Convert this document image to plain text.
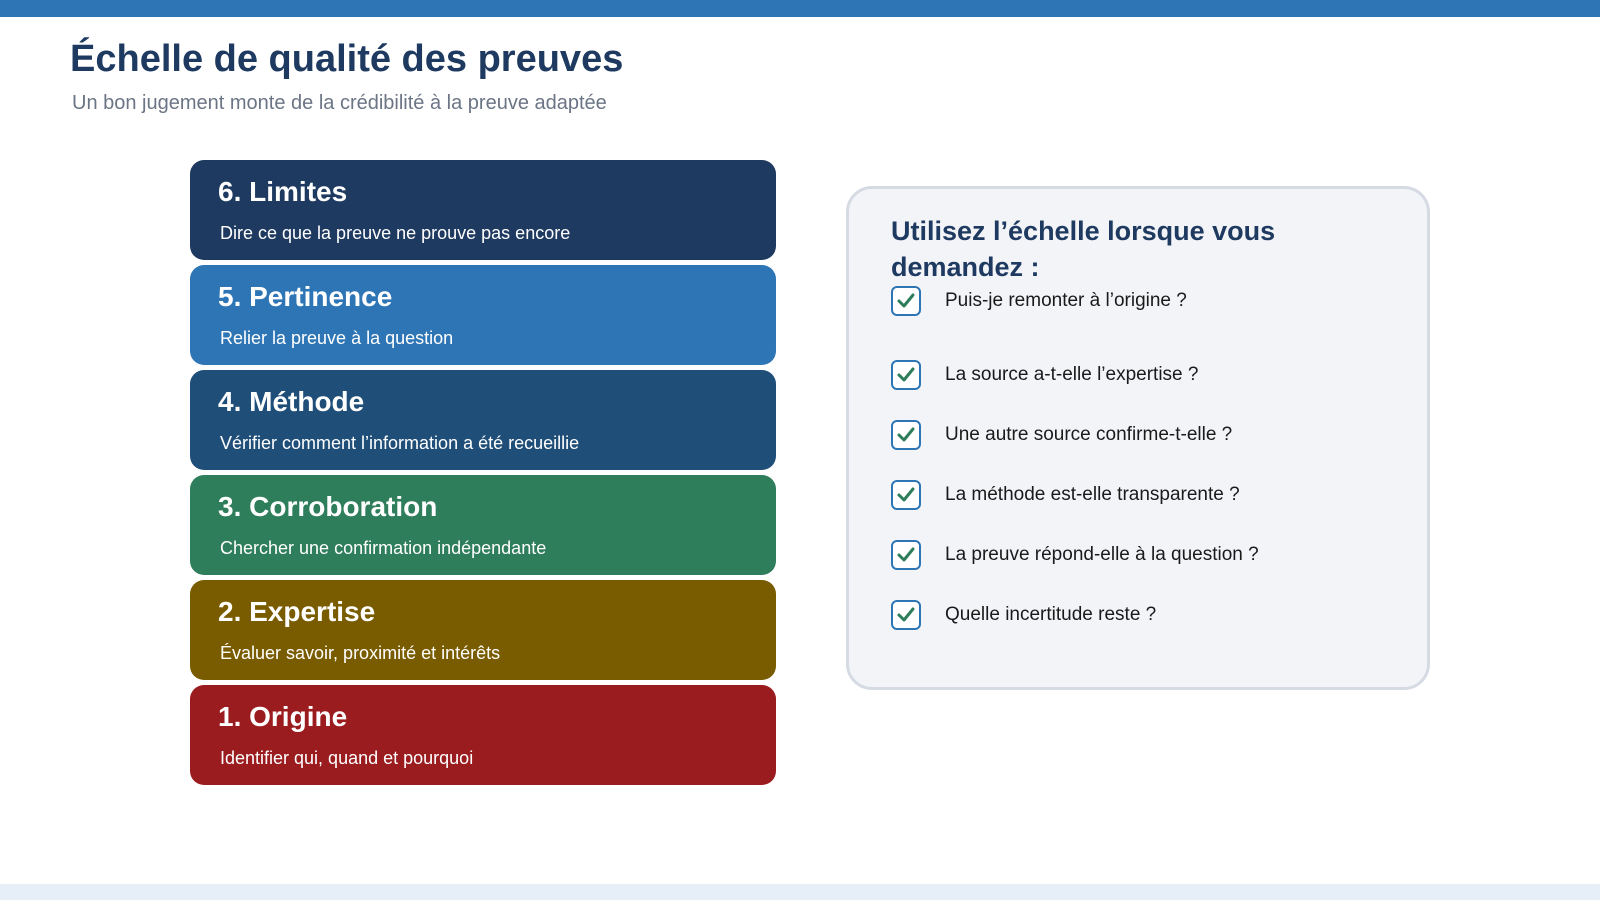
Échelle de qualité des preuves
Un bon jugement monte de la crédibilité à la preuve adaptée
6. Limites
Dire ce que la preuve ne prouve pas encore
5. Pertinence
Relier la preuve à la question
4. Méthode
Vérifier comment l’information a été recueillie
3. Corroboration
Chercher une confirmation indépendante
2. Expertise
Évaluer savoir, proximité et intérêts
1. Origine
Identifier qui, quand et pourquoi
Utilisez l’échelle lorsque vous demandez :
Puis-je remonter à l’origine ?
La source a-t-elle l’expertise ?
Une autre source confirme-t-elle ?
La méthode est-elle transparente ?
La preuve répond-elle à la question ?
Quelle incertitude reste ?
